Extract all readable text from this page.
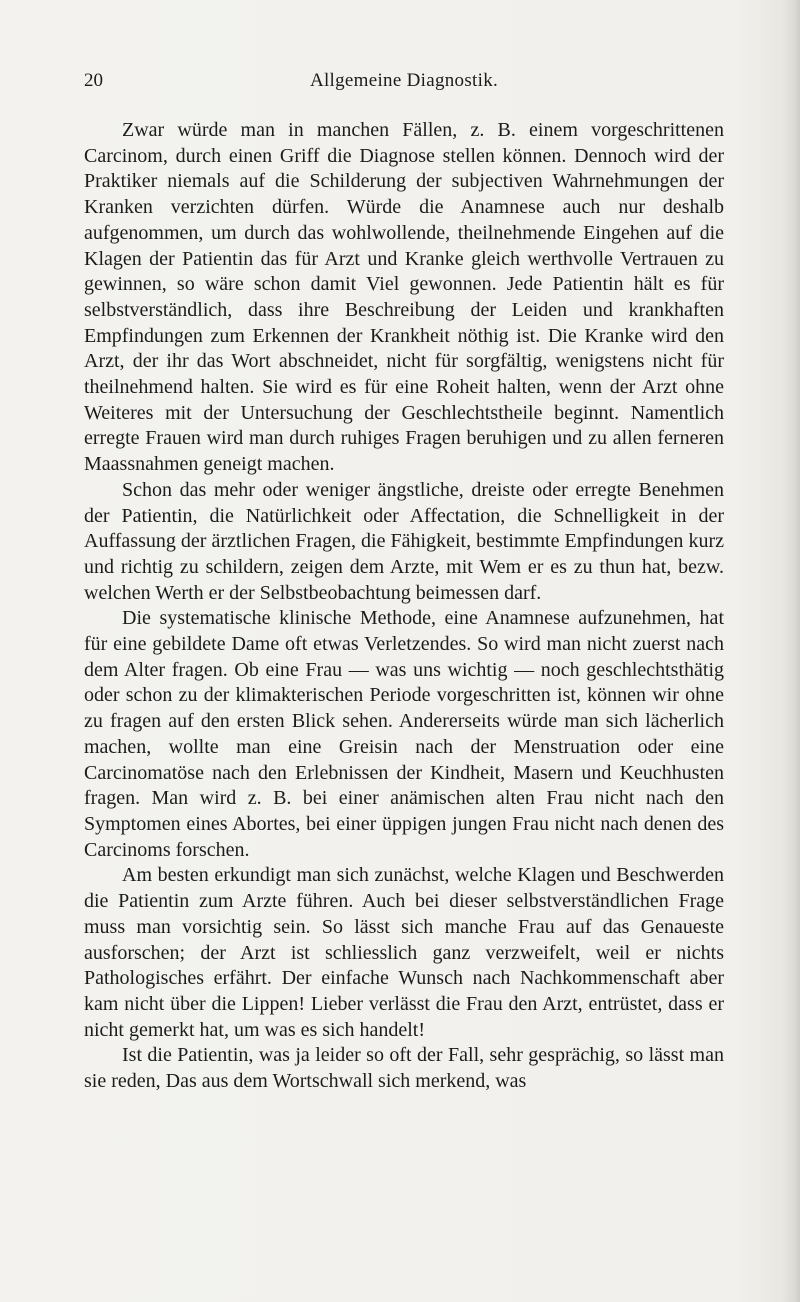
20	Allgemeine Diagnostik.

Zwar würde man in manchen Fällen, z. B. einem vorgeschrittenen Carcinom, durch einen Griff die Diagnose stellen können. Dennoch wird der Praktiker niemals auf die Schilderung der subjectiven Wahrnehmungen der Kranken verzichten dürfen. Würde die Anamnese auch nur deshalb aufgenommen, um durch das wohlwollende, theilnehmende Eingehen auf die Klagen der Patientin das für Arzt und Kranke gleich werthvolle Vertrauen zu gewinnen, so wäre schon damit Viel gewonnen. Jede Patientin hält es für selbstverständlich, dass ihre Beschreibung der Leiden und krankhaften Empfindungen zum Erkennen der Krankheit nöthig ist. Die Kranke wird den Arzt, der ihr das Wort abschneidet, nicht für sorgfältig, wenigstens nicht für theilnehmend halten. Sie wird es für eine Roheit halten, wenn der Arzt ohne Weiteres mit der Untersuchung der Geschlechtstheile beginnt. Namentlich erregte Frauen wird man durch ruhiges Fragen beruhigen und zu allen ferneren Maassnahmen geneigt machen.

Schon das mehr oder weniger ängstliche, dreiste oder erregte Benehmen der Patientin, die Natürlichkeit oder Affectation, die Schnelligkeit in der Auffassung der ärztlichen Fragen, die Fähigkeit, bestimmte Empfindungen kurz und richtig zu schildern, zeigen dem Arzte, mit Wem er es zu thun hat, bezw. welchen Werth er der Selbstbeobachtung beimessen darf.

Die systematische klinische Methode, eine Anamnese aufzunehmen, hat für eine gebildete Dame oft etwas Verletzendes. So wird man nicht zuerst nach dem Alter fragen. Ob eine Frau — was uns wichtig — noch geschlechtsthätig oder schon zu der klimakterischen Periode vorgeschritten ist, können wir ohne zu fragen auf den ersten Blick sehen. Andererseits würde man sich lächerlich machen, wollte man eine Greisin nach der Menstruation oder eine Carcinomatöse nach den Erlebnissen der Kindheit, Masern und Keuchhusten fragen. Man wird z. B. bei einer anämischen alten Frau nicht nach den Symptomen eines Abortes, bei einer üppigen jungen Frau nicht nach denen des Carcinoms forschen.

Am besten erkundigt man sich zunächst, welche Klagen und Beschwerden die Patientin zum Arzte führen. Auch bei dieser selbstverständlichen Frage muss man vorsichtig sein. So lässt sich manche Frau auf das Genaueste ausforschen; der Arzt ist schliesslich ganz verzweifelt, weil er nichts Pathologisches erfährt. Der einfache Wunsch nach Nachkommenschaft aber kam nicht über die Lippen! Lieber verlässt die Frau den Arzt, entrüstet, dass er nicht gemerkt hat, um was es sich handelt!

Ist die Patientin, was ja leider so oft der Fall, sehr gesprächig, so lässt man sie reden, Das aus dem Wortschwall sich merkend, was
